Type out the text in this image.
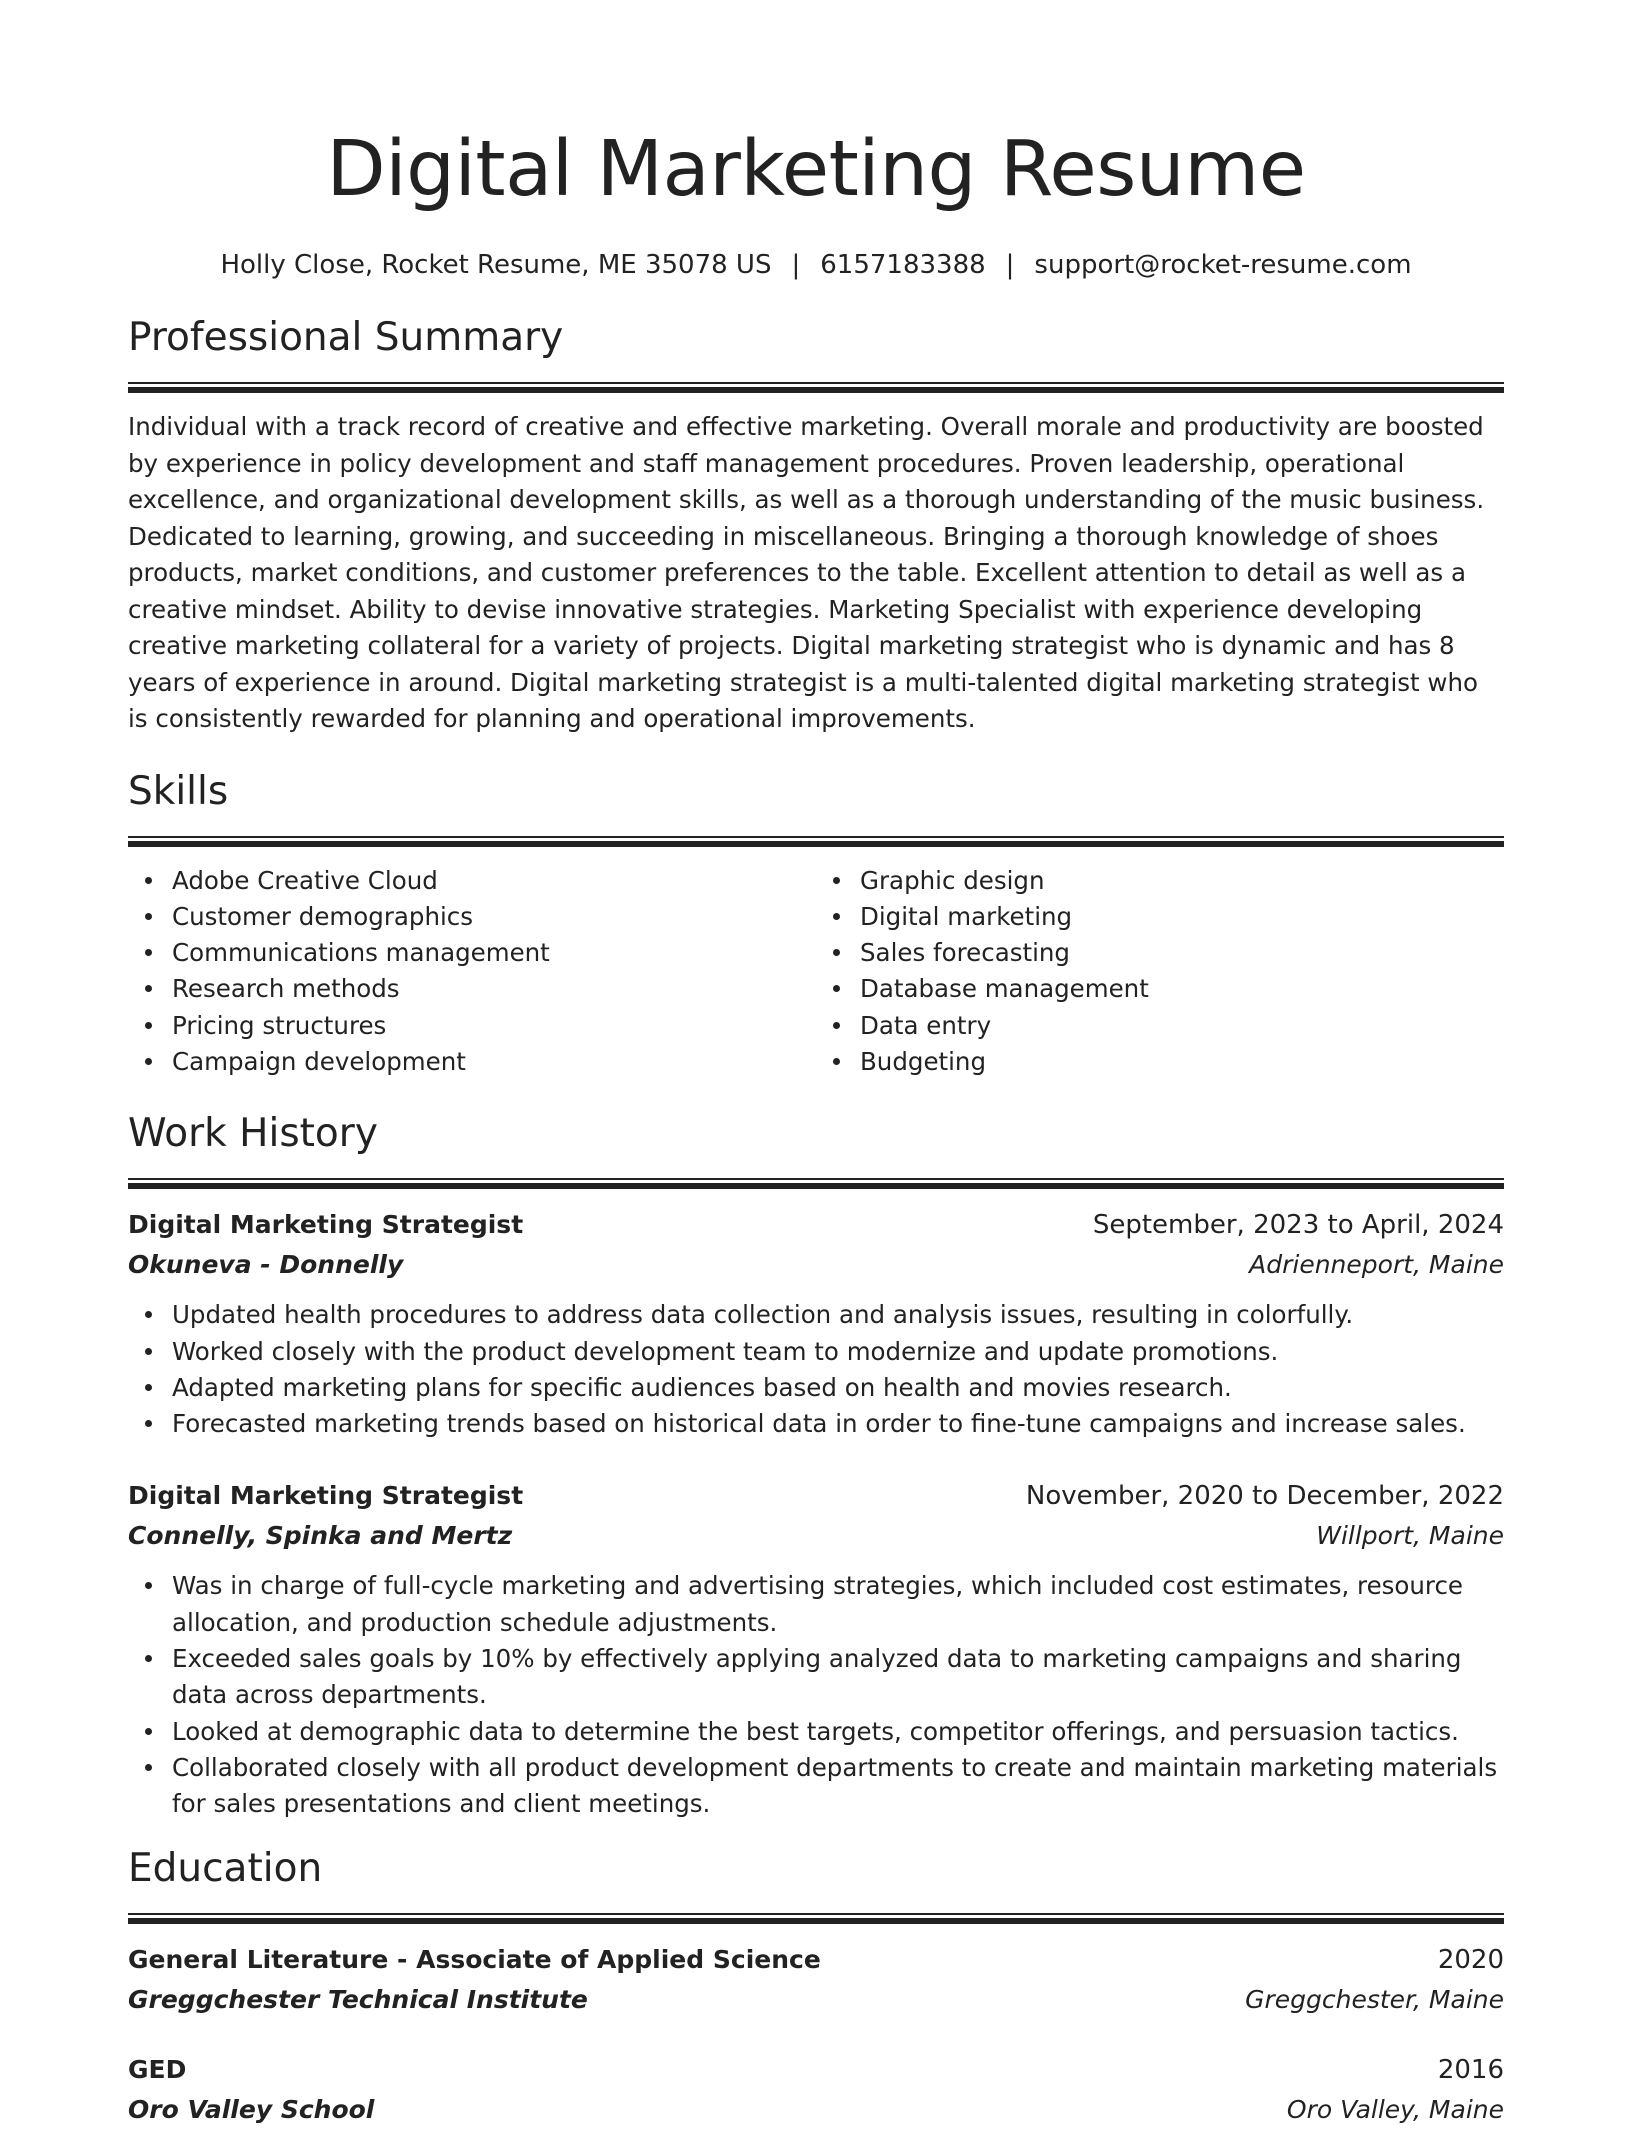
Digital Marketing Resume
Holly Close, Rocket Resume, ME 35078 US | 6157183388 | support@rocket-resume.com
Professional Summary

Individual with a track record of creative and effective marketing. Overall morale and productivity are boosted by experience in policy development and staff management procedures. Proven leadership, operational excellence, and organizational development skills, as well as a thorough understanding of the music business. Dedicated to learning, growing, and succeeding in miscellaneous. Bringing a thorough knowledge of shoes products, market conditions, and customer preferences to the table. Excellent attention to detail as well as a creative mindset. Ability to devise innovative strategies. Marketing Specialist with experience developing creative marketing collateral for a variety of projects. Digital marketing strategist who is dynamic and has 8 years of experience in around. Digital marketing strategist is a multi-talented digital marketing strategist who is consistently rewarded for planning and operational improvements.

Skills
Adobe Creative Cloud
Customer demographics
Communications management
Research methods
Pricing structures
Campaign development
Graphic design
Digital marketing
Sales forecasting
Database management
Data entry
Budgeting
Work History
Digital Marketing Strategist	September, 2023 to April, 2024
Okuneva - Donnelly	Adrienneport, Maine
Updated health procedures to address data collection and analysis issues, resulting in colorfully.
Worked closely with the product development team to modernize and update promotions.
Adapted marketing plans for specific audiences based on health and movies research.
Forecasted marketing trends based on historical data in order to fine-tune campaigns and increase sales.
Digital Marketing Strategist	November, 2020 to December, 2022
Connelly, Spinka and Mertz	Willport, Maine
Was in charge of full-cycle marketing and advertising strategies, which included cost estimates, resource allocation, and production schedule adjustments.
Exceeded sales goals by 10% by effectively applying analyzed data to marketing campaigns and sharing data across departments.
Looked at demographic data to determine the best targets, competitor offerings, and persuasion tactics.
Collaborated closely with all product development departments to create and maintain marketing materials for sales presentations and client meetings.
Education
General Literature - Associate of Applied Science	2020
Greggchester Technical Institute	Greggchester, Maine
GED	2016
Oro Valley School	Oro Valley, Maine
